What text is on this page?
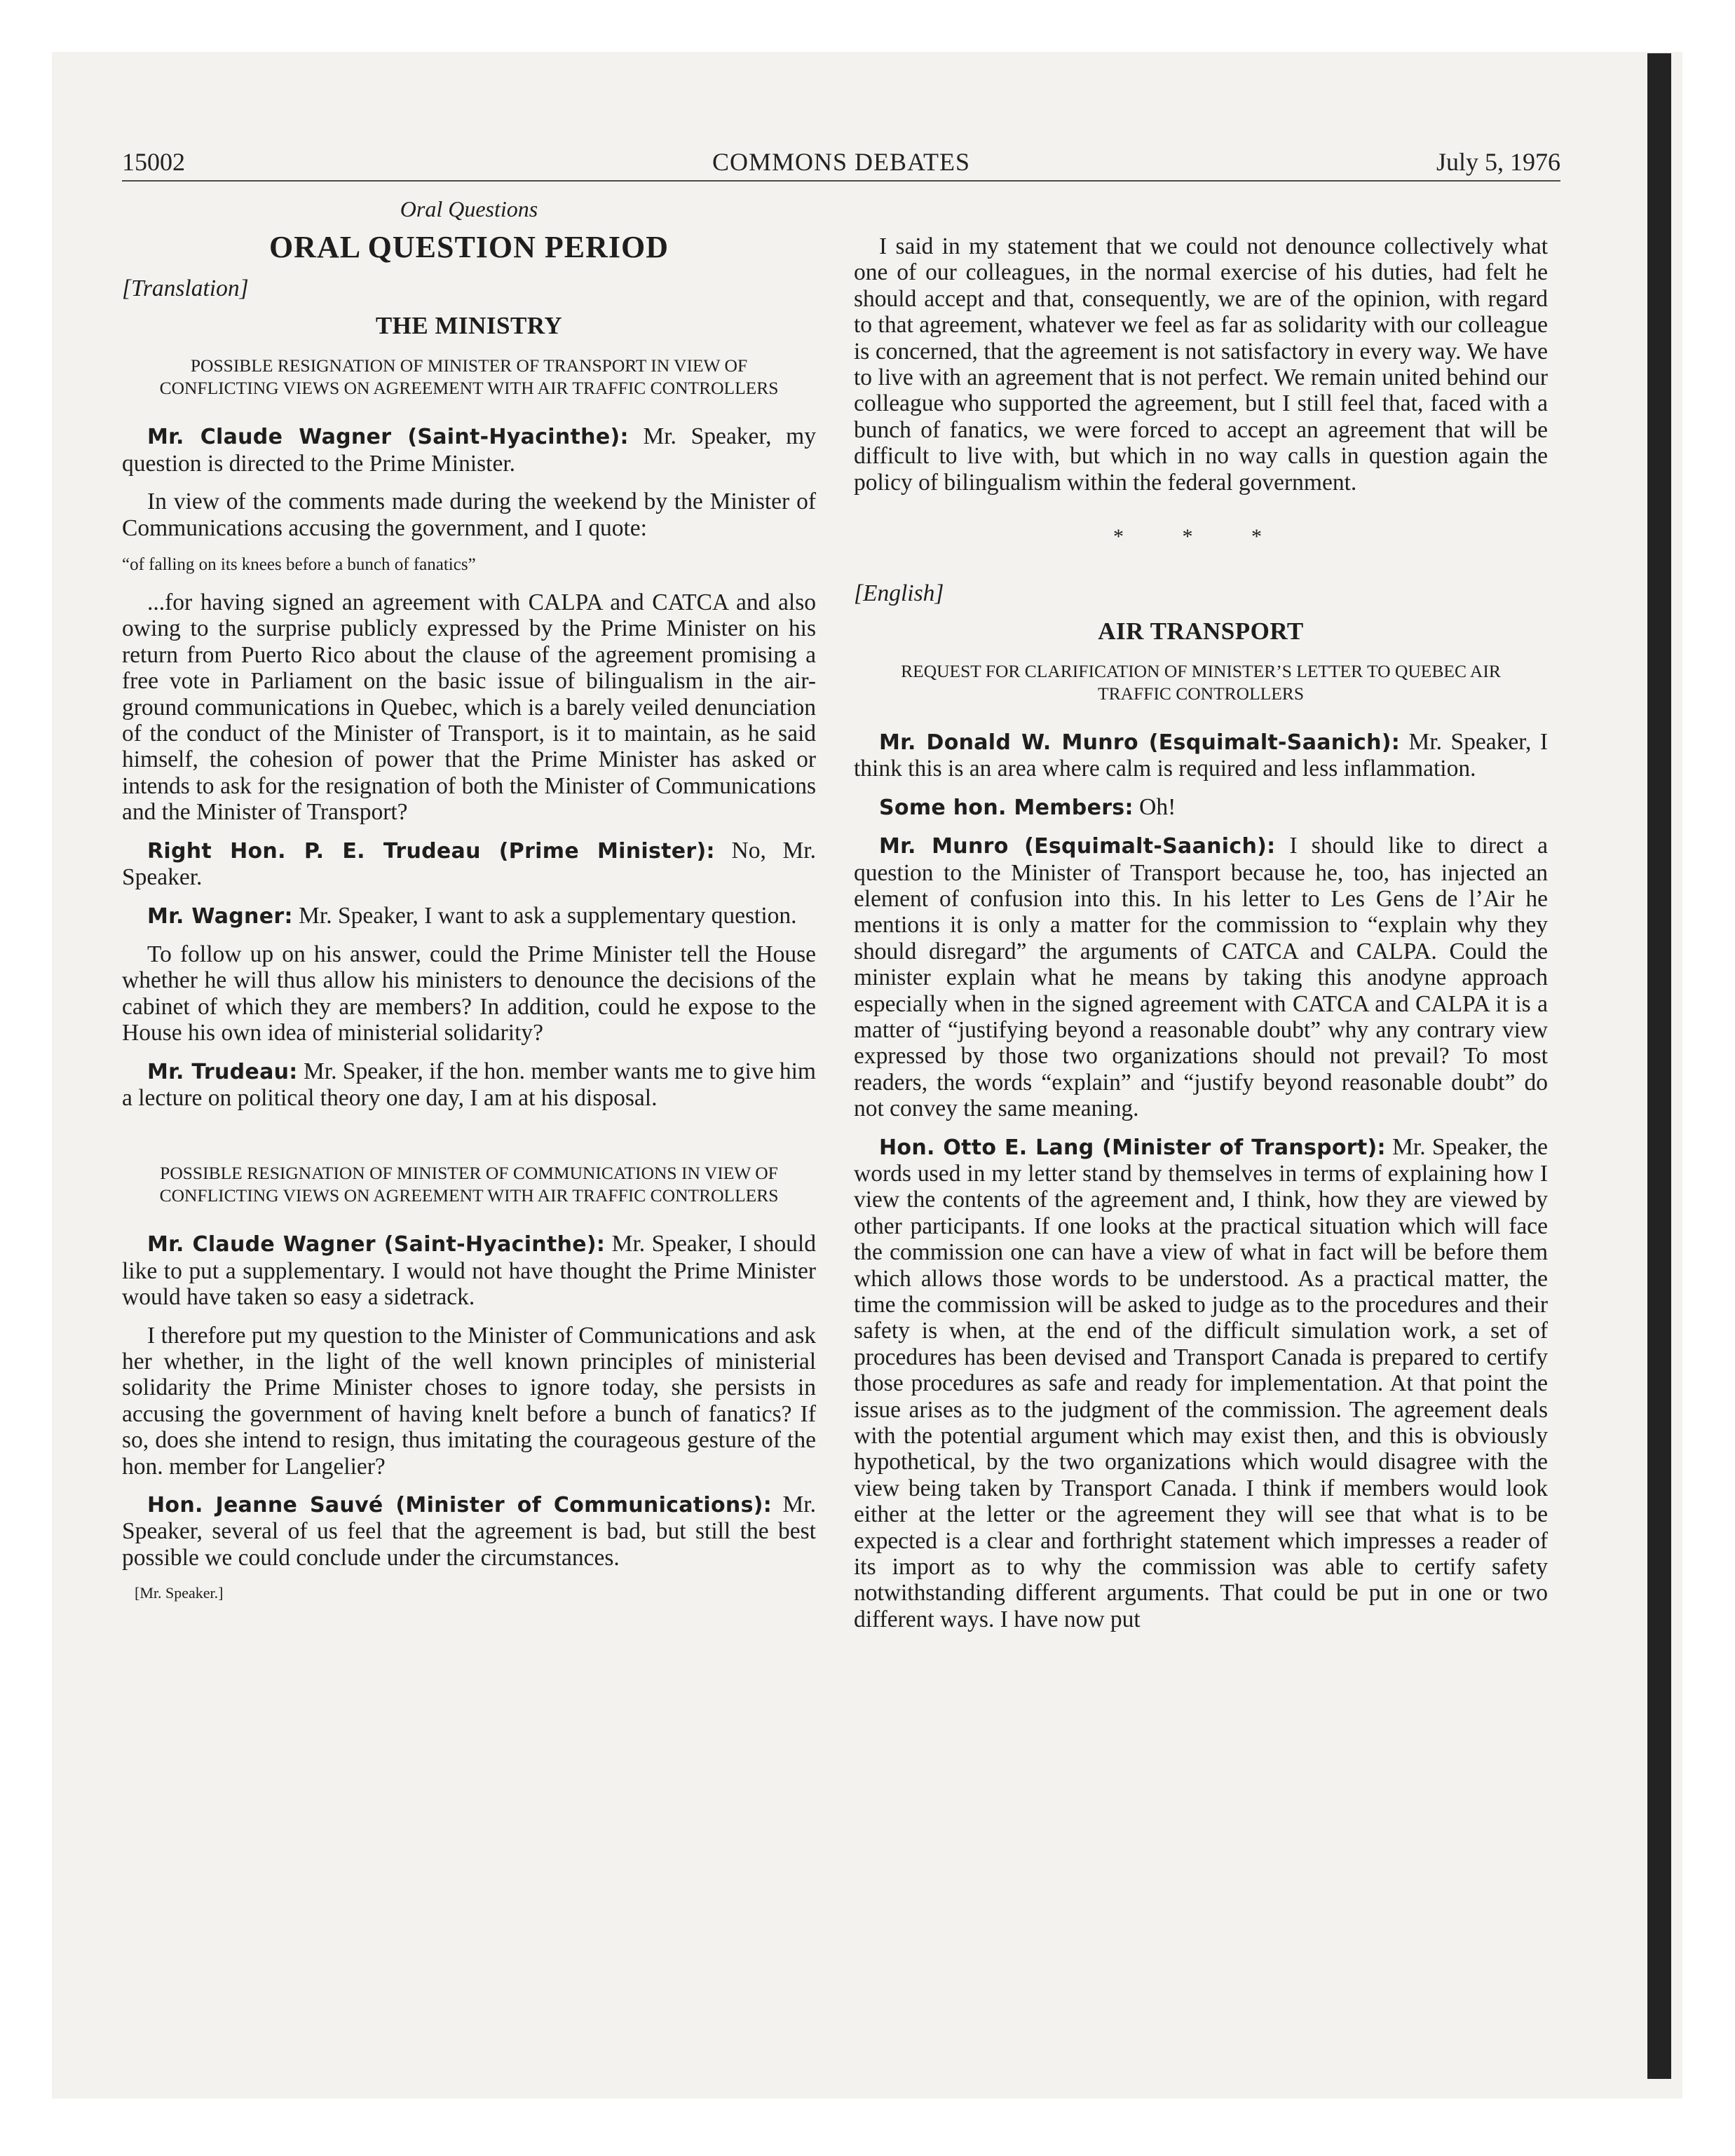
15002	COMMONS DEBATES	July 5, 1976
Oral Questions
ORAL QUESTION PERIOD
[Translation]
THE MINISTRY
POSSIBLE RESIGNATION OF MINISTER OF TRANSPORT IN VIEW OF CONFLICTING VIEWS ON AGREEMENT WITH AIR TRAFFIC CONTROLLERS

Mr. Claude Wagner (Saint-Hyacinthe): Mr. Speaker, my question is directed to the Prime Minister.

In view of the comments made during the weekend by the Minister of Communications accusing the government, and I quote:

“of falling on its knees before a bunch of fanatics”

...for having signed an agreement with CALPA and CATCA and also owing to the surprise publicly expressed by the Prime Minister on his return from Puerto Rico about the clause of the agreement promising a free vote in Parliament on the basic issue of bilingualism in the air-ground communications in Quebec, which is a barely veiled denunciation of the conduct of the Minister of Transport, is it to maintain, as he said himself, the cohesion of power that the Prime Minister has asked or intends to ask for the resignation of both the Minister of Communications and the Minister of Transport?

Right Hon. P. E. Trudeau (Prime Minister): No, Mr. Speaker.

Mr. Wagner: Mr. Speaker, I want to ask a supplementary question.

To follow up on his answer, could the Prime Minister tell the House whether he will thus allow his ministers to denounce the decisions of the cabinet of which they are members? In addition, could he expose to the House his own idea of ministerial solidarity?

Mr. Trudeau: Mr. Speaker, if the hon. member wants me to give him a lecture on political theory one day, I am at his disposal.

POSSIBLE RESIGNATION OF MINISTER OF COMMUNICATIONS IN VIEW OF CONFLICTING VIEWS ON AGREEMENT WITH AIR TRAFFIC CONTROLLERS

Mr. Claude Wagner (Saint-Hyacinthe): Mr. Speaker, I should like to put a supplementary. I would not have thought the Prime Minister would have taken so easy a sidetrack.

I therefore put my question to the Minister of Communications and ask her whether, in the light of the well known principles of ministerial solidarity the Prime Minister choses to ignore today, she persists in accusing the government of having knelt before a bunch of fanatics? If so, does she intend to resign, thus imitating the courageous gesture of the hon. member for Langelier?

Hon. Jeanne Sauvé (Minister of Communications): Mr. Speaker, several of us feel that the agreement is bad, but still the best possible we could conclude under the circumstances.

[Mr. Speaker.]

I said in my statement that we could not denounce collectively what one of our colleagues, in the normal exercise of his duties, had felt he should accept and that, consequently, we are of the opinion, with regard to that agreement, whatever we feel as far as solidarity with our colleague is concerned, that the agreement is not satisfactory in every way. We have to live with an agreement that is not perfect. We remain united behind our colleague who supported the agreement, but I still feel that, faced with a bunch of fanatics, we were forced to accept an agreement that will be difficult to live with, but which in no way calls in question again the policy of bilingualism within the federal government.

* * *
[English]
AIR TRANSPORT
REQUEST FOR CLARIFICATION OF MINISTER’S LETTER TO QUEBEC AIR TRAFFIC CONTROLLERS

Mr. Donald W. Munro (Esquimalt-Saanich): Mr. Speaker, I think this is an area where calm is required and less inflammation.

Some hon. Members: Oh!

Mr. Munro (Esquimalt-Saanich): I should like to direct a question to the Minister of Transport because he, too, has injected an element of confusion into this. In his letter to Les Gens de l’Air he mentions it is only a matter for the commission to “explain why they should disregard” the arguments of CATCA and CALPA. Could the minister explain what he means by taking this anodyne approach especially when in the signed agreement with CATCA and CALPA it is a matter of “justifying beyond a reasonable doubt” why any contrary view expressed by those two organizations should not prevail? To most readers, the words “explain” and “justify beyond reasonable doubt” do not convey the same meaning.

Hon. Otto E. Lang (Minister of Transport): Mr. Speaker, the words used in my letter stand by themselves in terms of explaining how I view the contents of the agreement and, I think, how they are viewed by other participants. If one looks at the practical situation which will face the commission one can have a view of what in fact will be before them which allows those words to be understood. As a practical matter, the time the commission will be asked to judge as to the procedures and their safety is when, at the end of the difficult simulation work, a set of procedures has been devised and Transport Canada is prepared to certify those procedures as safe and ready for implementation. At that point the issue arises as to the judgment of the commission. The agreement deals with the potential argument which may exist then, and this is obviously hypothetical, by the two organizations which would disagree with the view being taken by Transport Canada. I think if members would look either at the letter or the agreement they will see that what is to be expected is a clear and forthright statement which impresses a reader of its import as to why the commission was able to certify safety notwithstanding different arguments. That could be put in one or two different ways. I have now put
